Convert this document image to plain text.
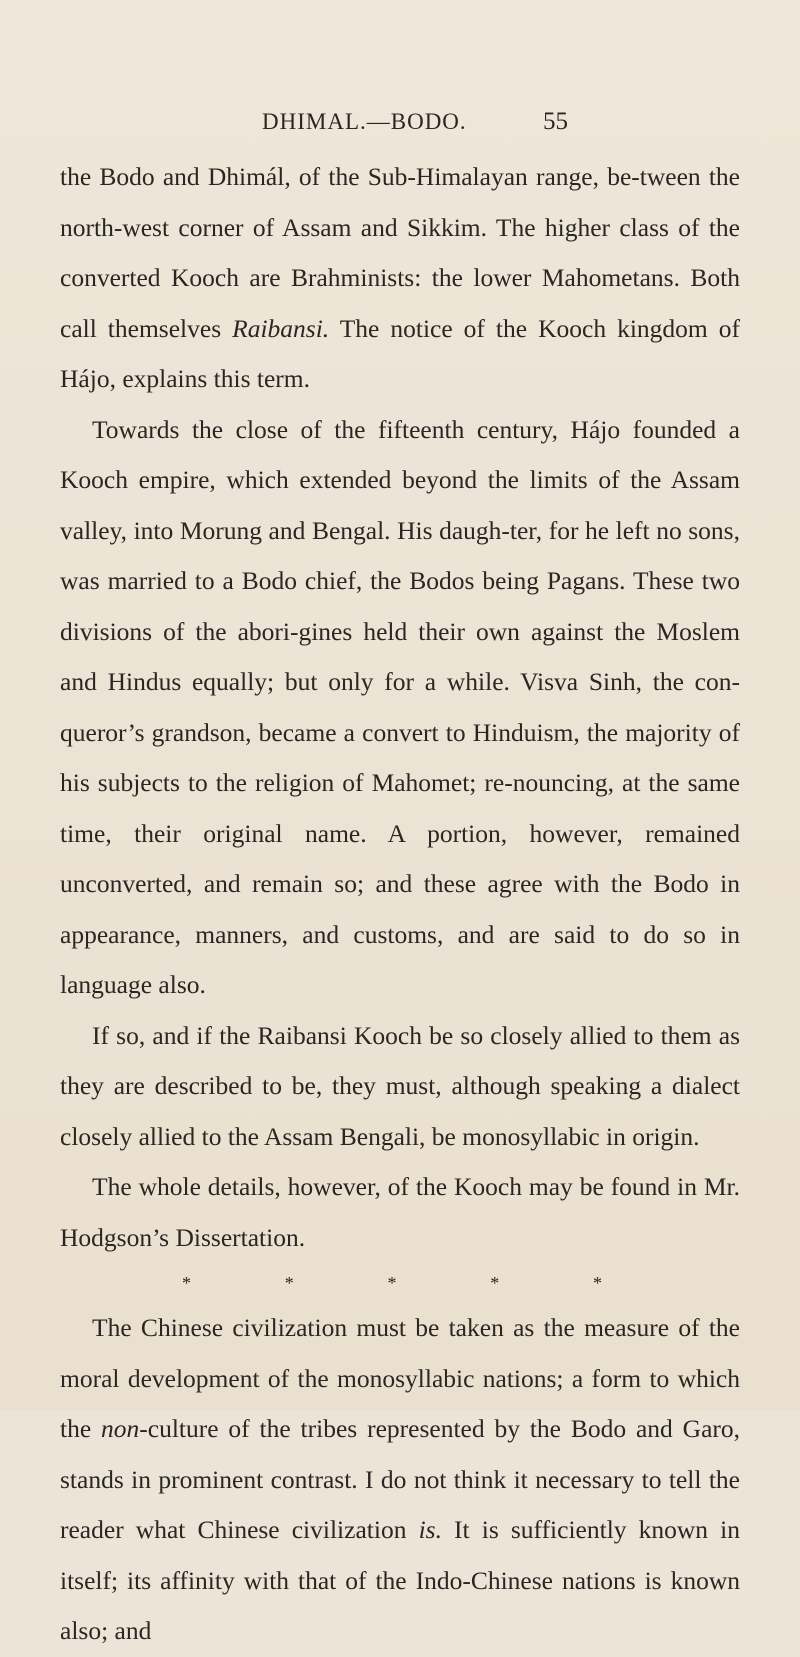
DHIMAL.—BODO.	55

the Bodo and Dhimál, of the Sub-Himalayan range, be-tween the north-west corner of Assam and Sikkim. The higher class of the converted Kooch are Brahminists: the lower Mahometans. Both call themselves Raibansi. The notice of the Kooch kingdom of Hájo, explains this term.

Towards the close of the fifteenth century, Hájo founded a Kooch empire, which extended beyond the limits of the Assam valley, into Morung and Bengal. His daugh-ter, for he left no sons, was married to a Bodo chief, the Bodos being Pagans. These two divisions of the abori-gines held their own against the Moslem and Hindus equally; but only for a while. Visva Sinh, the con-queror’s grandson, became a convert to Hinduism, the majority of his subjects to the religion of Mahomet; re-nouncing, at the same time, their original name. A portion, however, remained unconverted, and remain so; and these agree with the Bodo in appearance, manners, and customs, and are said to do so in language also.

If so, and if the Raibansi Kooch be so closely allied to them as they are described to be, they must, although speaking a dialect closely allied to the Assam Bengali, be monosyllabic in origin.

The whole details, however, of the Kooch may be found in Mr. Hodgson’s Dissertation.

*	*	*	*	*

The Chinese civilization must be taken as the measure of the moral development of the monosyllabic nations; a form to which the non-culture of the tribes represented by the Bodo and Garo, stands in prominent contrast. I do not think it necessary to tell the reader what Chinese civilization is. It is sufficiently known in itself; its affinity with that of the Indo-Chinese nations is known also; and
